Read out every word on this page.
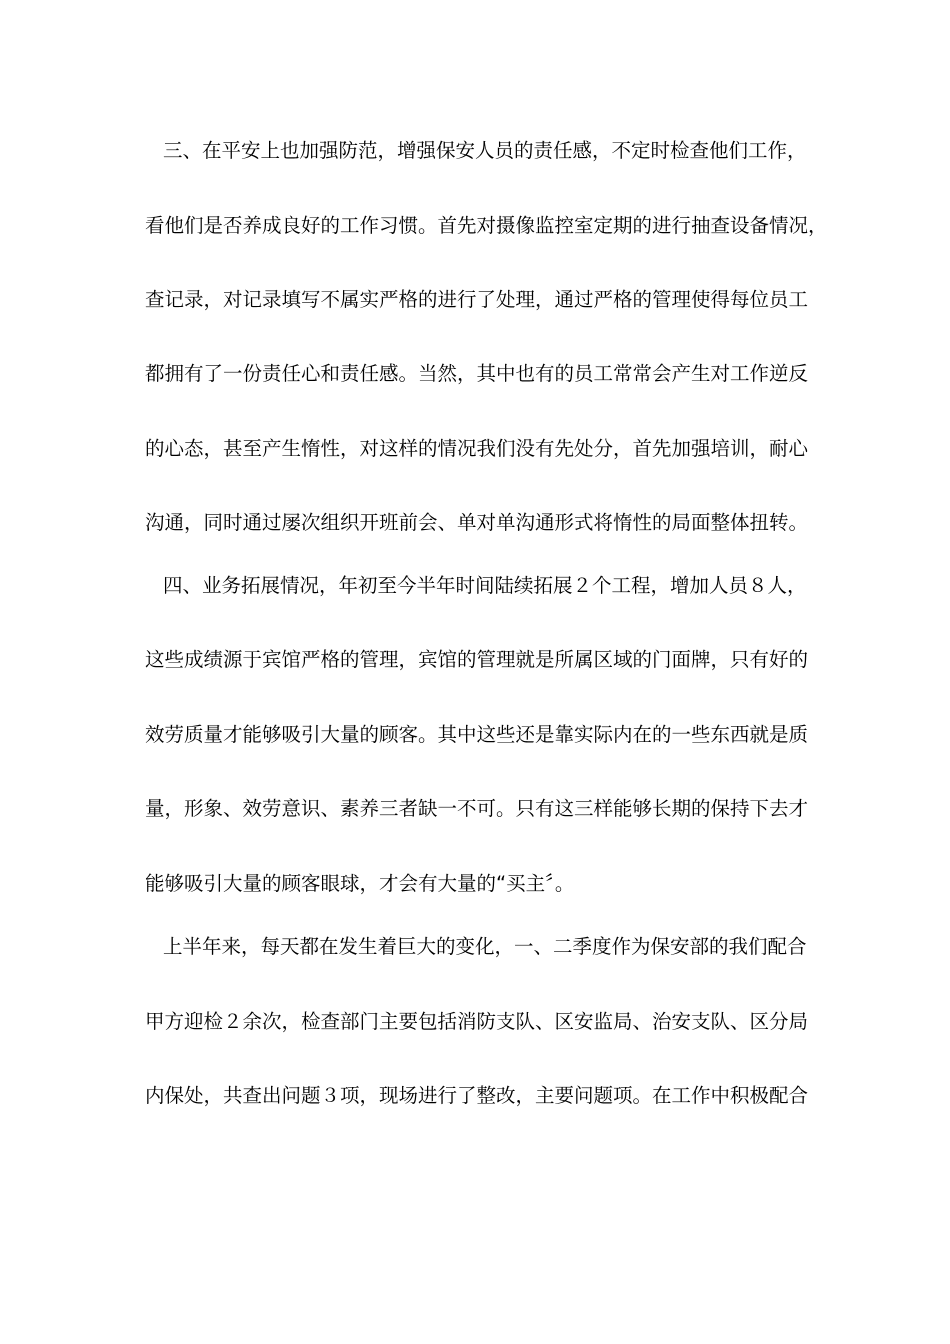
三、在平安上也加强防范，增强保安人员的责任感，不定时检查他们工作，
看他们是否养成良好的工作习惯。首先对摄像监控室定期的进行抽查设备情况，
查记录，对记录填写不属实严格的进行了处理，通过严格的管理使得每位员工
都拥有了一份责任心和责任感。当然，其中也有的员工常常会产生对工作逆反
的心态，甚至产生惰性，对这样的情况我们没有先处分，首先加强培训，耐心
沟通，同时通过屡次组织开班前会、单对单沟通形式将惰性的局面整体扭转。
四、业务拓展情况，年初至今半年时间陆续拓展２个工程，增加人员８人，
这些成绩源于宾馆严格的管理，宾馆的管理就是所属区域的门面牌，只有好的
效劳质量才能够吸引大量的顾客。其中这些还是靠实际内在的一些东西就是质
量，形象、效劳意识、素养三者缺一不可。只有这三样能够长期的保持下去才
能够吸引大量的顾客眼球，才会有大量的“买主〞。
上半年来，每天都在发生着巨大的变化，一、二季度作为保安部的我们配合
甲方迎检２余次，检查部门主要包括消防支队、区安监局、治安支队、区分局
内保处，共查出问题３项，现场进行了整改，主要问题项。在工作中积极配合
